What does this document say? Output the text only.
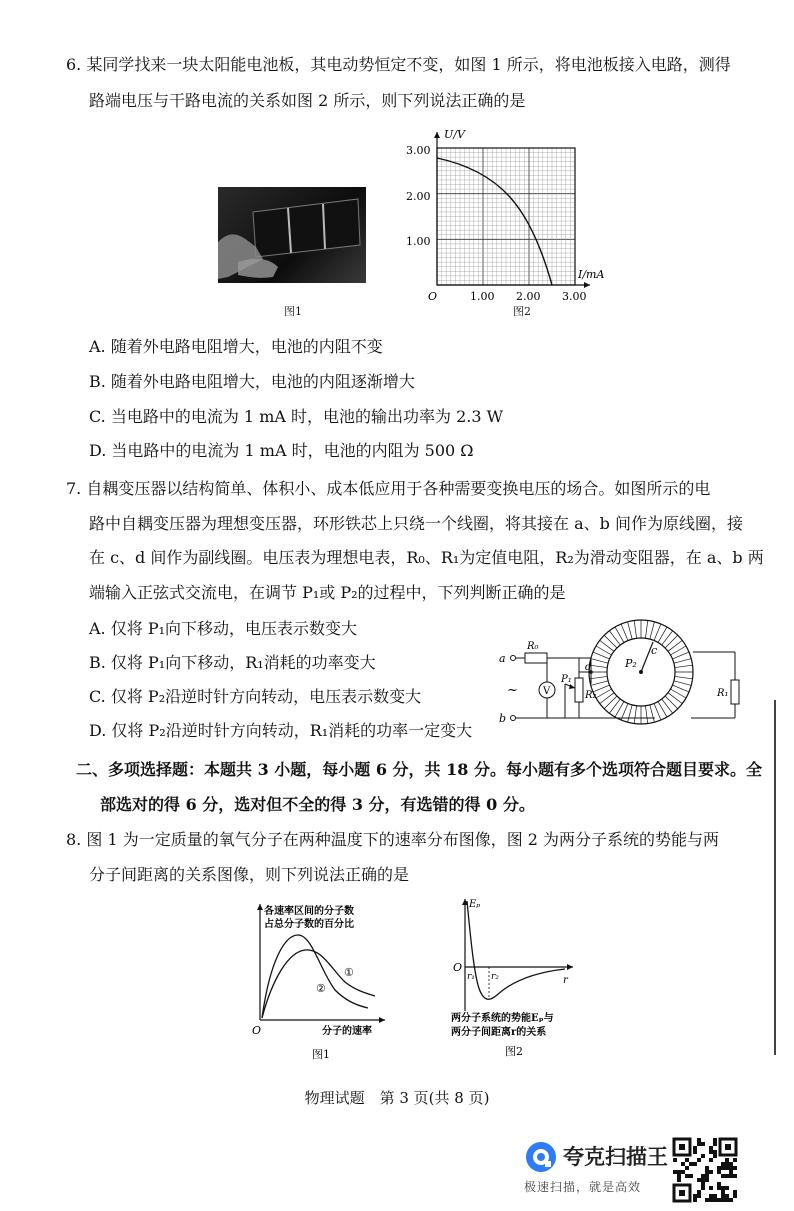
6. 某同学找来一块太阳能电池板，其电动势恒定不变，如图 1 所示，将电池板接入电路，测得
路端电压与干路电流的关系如图 2 所示，则下列说法正确的是
图1
U/V
I/mA
O
1.00
2.00
3.00
1.00 2.00 3.00
图2
A. 随着外电路电阻增大，电池的内阻不变
B. 随着外电路电阻增大，电池的内阻逐渐增大
C. 当电路中的电流为 1 mA 时，电池的输出功率为 2.3 W
D. 当电路中的电流为 1 mA 时，电池的内阻为 500 Ω
7. 自耦变压器以结构简单、体积小、成本低应用于各种需要变换电压的场合。如图所示的电
路中自耦变压器为理想变压器，环形铁芯上只绕一个线圈，将其接在 a、b 间作为原线圈，接
在 c、d 间作为副线圈。电压表为理想电表，R₀、R₁为定值电阻，R₂为滑动变阻器，在 a、b 两
端输入正弦式交流电，在调节 P₁或 P₂的过程中，下列判断正确的是
A. 仅将 P₁向下移动，电压表示数变大
B. 仅将 P₁向下移动，R₁消耗的功率变大
C. 仅将 P₂沿逆时针方向转动，电压表示数变大
D. 仅将 P₂沿逆时针方向转动，R₁消耗的功率一定变大
P₂
c
a
b
~
R₀
V	R₂
P₁
d
R₁
二、多项选择题：本题共 3 小题，每小题 6 分，共 18 分。每小题有多个选项符合题目要求。全
部选对的得 6 分，选对但不全的得 3 分，有选错的得 0 分。
8. 图 1 为一定质量的氧气分子在两种温度下的速率分布图像，图 2 为两分子系统的势能与两
分子间距离的关系图像，则下列说法正确的是
各速率区间的分子数
占总分子数的百分比
①
②
O	分子的速率
图1
Eₚ
r
O
r₁ r₂
两分子系统的势能Eₚ与
两分子间距离r的关系
图2
物理试题　第 3 页(共 8 页)
夸克扫描王
极速扫描，就是高效
